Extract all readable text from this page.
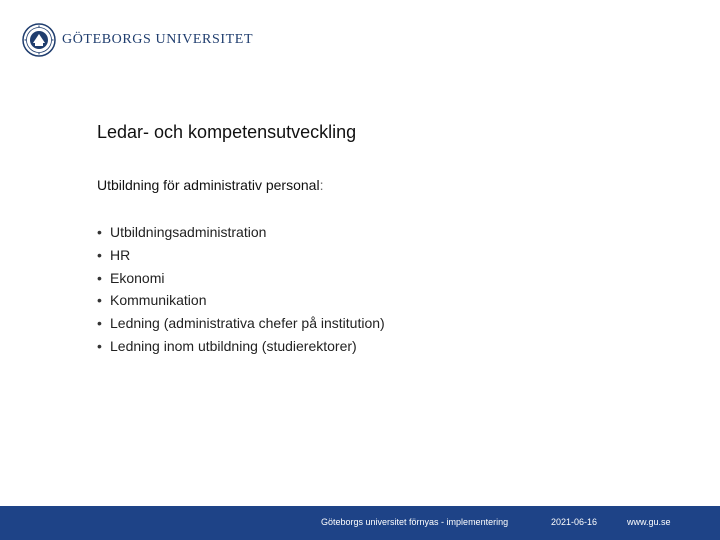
GÖTEBORGS UNIVERSITET
Ledar- och kompetensutveckling
Utbildning för administrativ personal:
• Utbildningsadministration
• HR
• Ekonomi
• Kommunikation
• Ledning (administrativa chefer på institution)
• Ledning inom utbildning (studierektorer)
Göteborgs universitet förnyas - implementering	2021-06-16	www.gu.se
